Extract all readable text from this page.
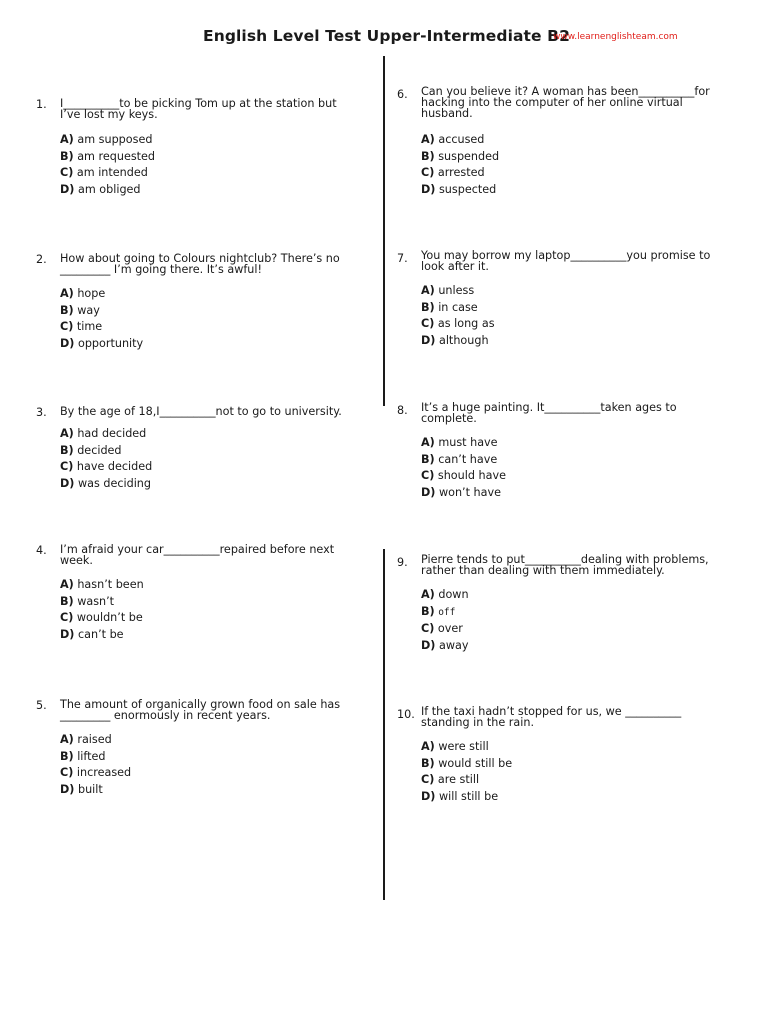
English Level Test Upper-Intermediate B2
www.learnenglishteam.com
1.	I__________to be picking Tom up at the station but
I’ve lost my keys.
A) am supposed
B) am requested
C) am intended
D) am obliged
2.	How about going to Colours nightclub? There’s no
_________ I’m going there. It’s awful!
A) hope
B) way
C) time
D) opportunity
3.	By the age of 18,I__________not to go to university.
A) had decided
B) decided
C) have decided
D) was deciding
4.	I’m afraid your car__________repaired before next
week.
A) hasn’t been
B) wasn’t
C) wouldn’t be
D) can’t be
5.	The amount of organically grown food on sale has
_________ enormously in recent years.
A) raised
B) lifted
C) increased
D) built
6.	Can you believe it? A woman has been__________for
hacking into the computer of her online virtual
husband.
A) accused
B) suspended
C) arrested
D) suspected
7.	You may borrow my laptop__________you promise to
look after it.
A) unless
B) in case
C) as long as
D) although
8.	It’s a huge painting. It__________taken ages to
complete.
A) must have
B) can’t have
C) should have
D) won’t have
9.	Pierre tends to put__________dealing with problems,
rather than dealing with them immediately.
A) down
B) off
C) over
D) away
10. If the taxi hadn’t stopped for us, we __________
standing in the rain.
A) were still
B) would still be
C) are still
D) will still be
